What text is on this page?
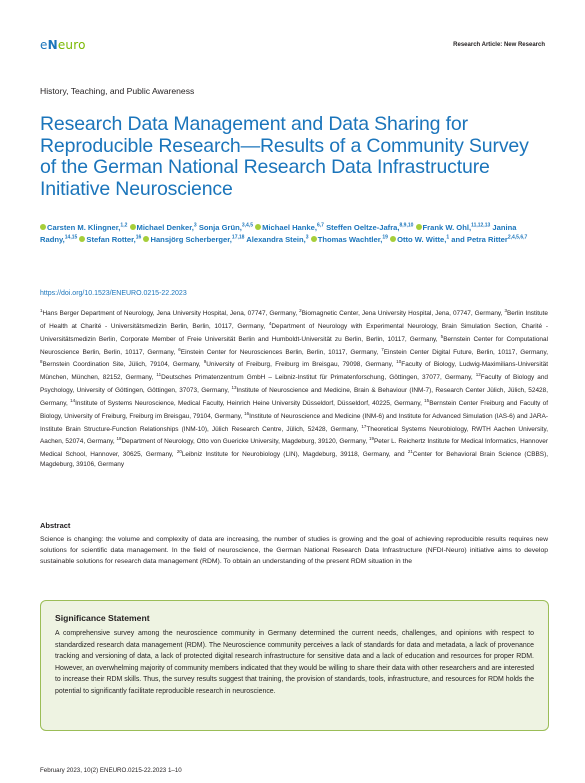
eNeuro	Research Article: New Research
History, Teaching, and Public Awareness
Research Data Management and Data Sharing for Reproducible Research—Results of a Community Survey of the German National Research Data Infrastructure Initiative Neuroscience
Carsten M. Klingner,$^{1,2}$ Michael Denker,$^3$ Sonja Grün,$^{3,4,5}$ Michael Hanke,$^{6,7}$ Steffen Oeltze-Jafra,$^{8,9,10}$ Frank W. Ohl,$^{11,12,13}$ Janina Radny,$^{14,15}$ Stefan Rotter,$^{16}$ Hansjörg Scherberger,$^{17,18}$ Alexandra Stein,$^3$ Thomas Wachtler,$^{19}$ Otto W. Witte,$^1$ and Petra Ritter$^{2,4,5,6,7}$
https://doi.org/10.1523/ENEURO.0215-22.2023
$^1$Hans Berger Department of Neurology, Jena University Hospital, Jena, 07747, Germany, $^2$Biomagnetic Center, Jena University Hospital, Jena, 07747, Germany, $^3$Berlin Institute of Health at Charité - Universitätsmedizin Berlin, Berlin, 10117, Germany, $^4$Department of Neurology with Experimental Neurology, Brain Simulation Section, Charité - Universitätsmedizin Berlin, Corporate Member of Freie Universität Berlin and Humboldt-Universität zu Berlin, Berlin, 10117, Germany, $^5$Bernstein Center for Computational Neuroscience Berlin, Berlin, 10117, Germany, $^6$Einstein Center for Neurosciences Berlin, Berlin, 10117, Germany, $^7$Einstein Center Digital Future, Berlin, 10117, Germany, $^8$Bernstein Coordination Site, Jülich, 79104, Germany, $^9$University of Freiburg, Freiburg im Breisgau, 79098, Germany, $^{10}$Faculty of Biology, Ludwig-Maximilians-Universität München, München, 82152, Germany, $^{11}$Deutsches Primatenzentrum GmbH – Leibniz-Institut für Primatenforschung, Göttingen, 37077, Germany, $^{12}$Faculty of Biology and Psychology, University of Göttingen, Göttingen, 37073, Germany, $^{13}$Institute of Neuroscience and Medicine, Brain & Behaviour (INM-7), Research Center Jülich, Jülich, 52428, Germany, $^{14}$Institute of Systems Neuroscience, Medical Faculty, Heinrich Heine University Düsseldorf, Düsseldorf, 40225, Germany, $^{15}$Bernstein Center Freiburg and Faculty of Biology, University of Freiburg, Freiburg im Breisgau, 79104, Germany, $^{16}$Institute of Neuroscience and Medicine (INM-6) and Institute for Advanced Simulation (IAS-6) and JARA-Institute Brain Structure-Function Relationships (INM-10), Jülich Research Centre, Jülich, 52428, Germany, $^{17}$Theoretical Systems Neurobiology, RWTH Aachen University, Aachen, 52074, Germany, $^{18}$Department of Neurology, Otto von Guericke University, Magdeburg, 39120, Germany, $^{19}$Peter L. Reichertz Institute for Medical Informatics, Hannover Medical School, Hannover, 30625, Germany, $^{20}$Leibniz Institute for Neurobiology (LIN), Magdeburg, 39118, Germany, and $^{21}$Center for Behavioral Brain Science (CBBS), Magdeburg, 39106, Germany
Abstract
Science is changing: the volume and complexity of data are increasing, the number of studies is growing and the goal of achieving reproducible results requires new solutions for scientific data management. In the field of neuroscience, the German National Research Data Infrastructure (NFDI-Neuro) initiative aims to develop sustainable solutions for research data management (RDM). To obtain an understanding of the present RDM situation in the
Significance Statement
A comprehensive survey among the neuroscience community in Germany determined the current needs, challenges, and opinions with respect to standardized research data management (RDM). The Neuroscience community perceives a lack of standards for data and metadata, a lack of provenance tracking and versioning of data, a lack of protected digital research infrastructure for sensitive data and a lack of education and resources for proper RDM. However, an overwhelming majority of community members indicated that they would be willing to share their data with other researchers and are interested to increase their RDM skills. Thus, the survey results suggest that training, the provision of standards, tools, infrastructure, and resources for RDM holds the potential to significantly facilitate reproducible research in neuroscience.
February 2023, 10(2) ENEURO.0215-22.2023 1–10
